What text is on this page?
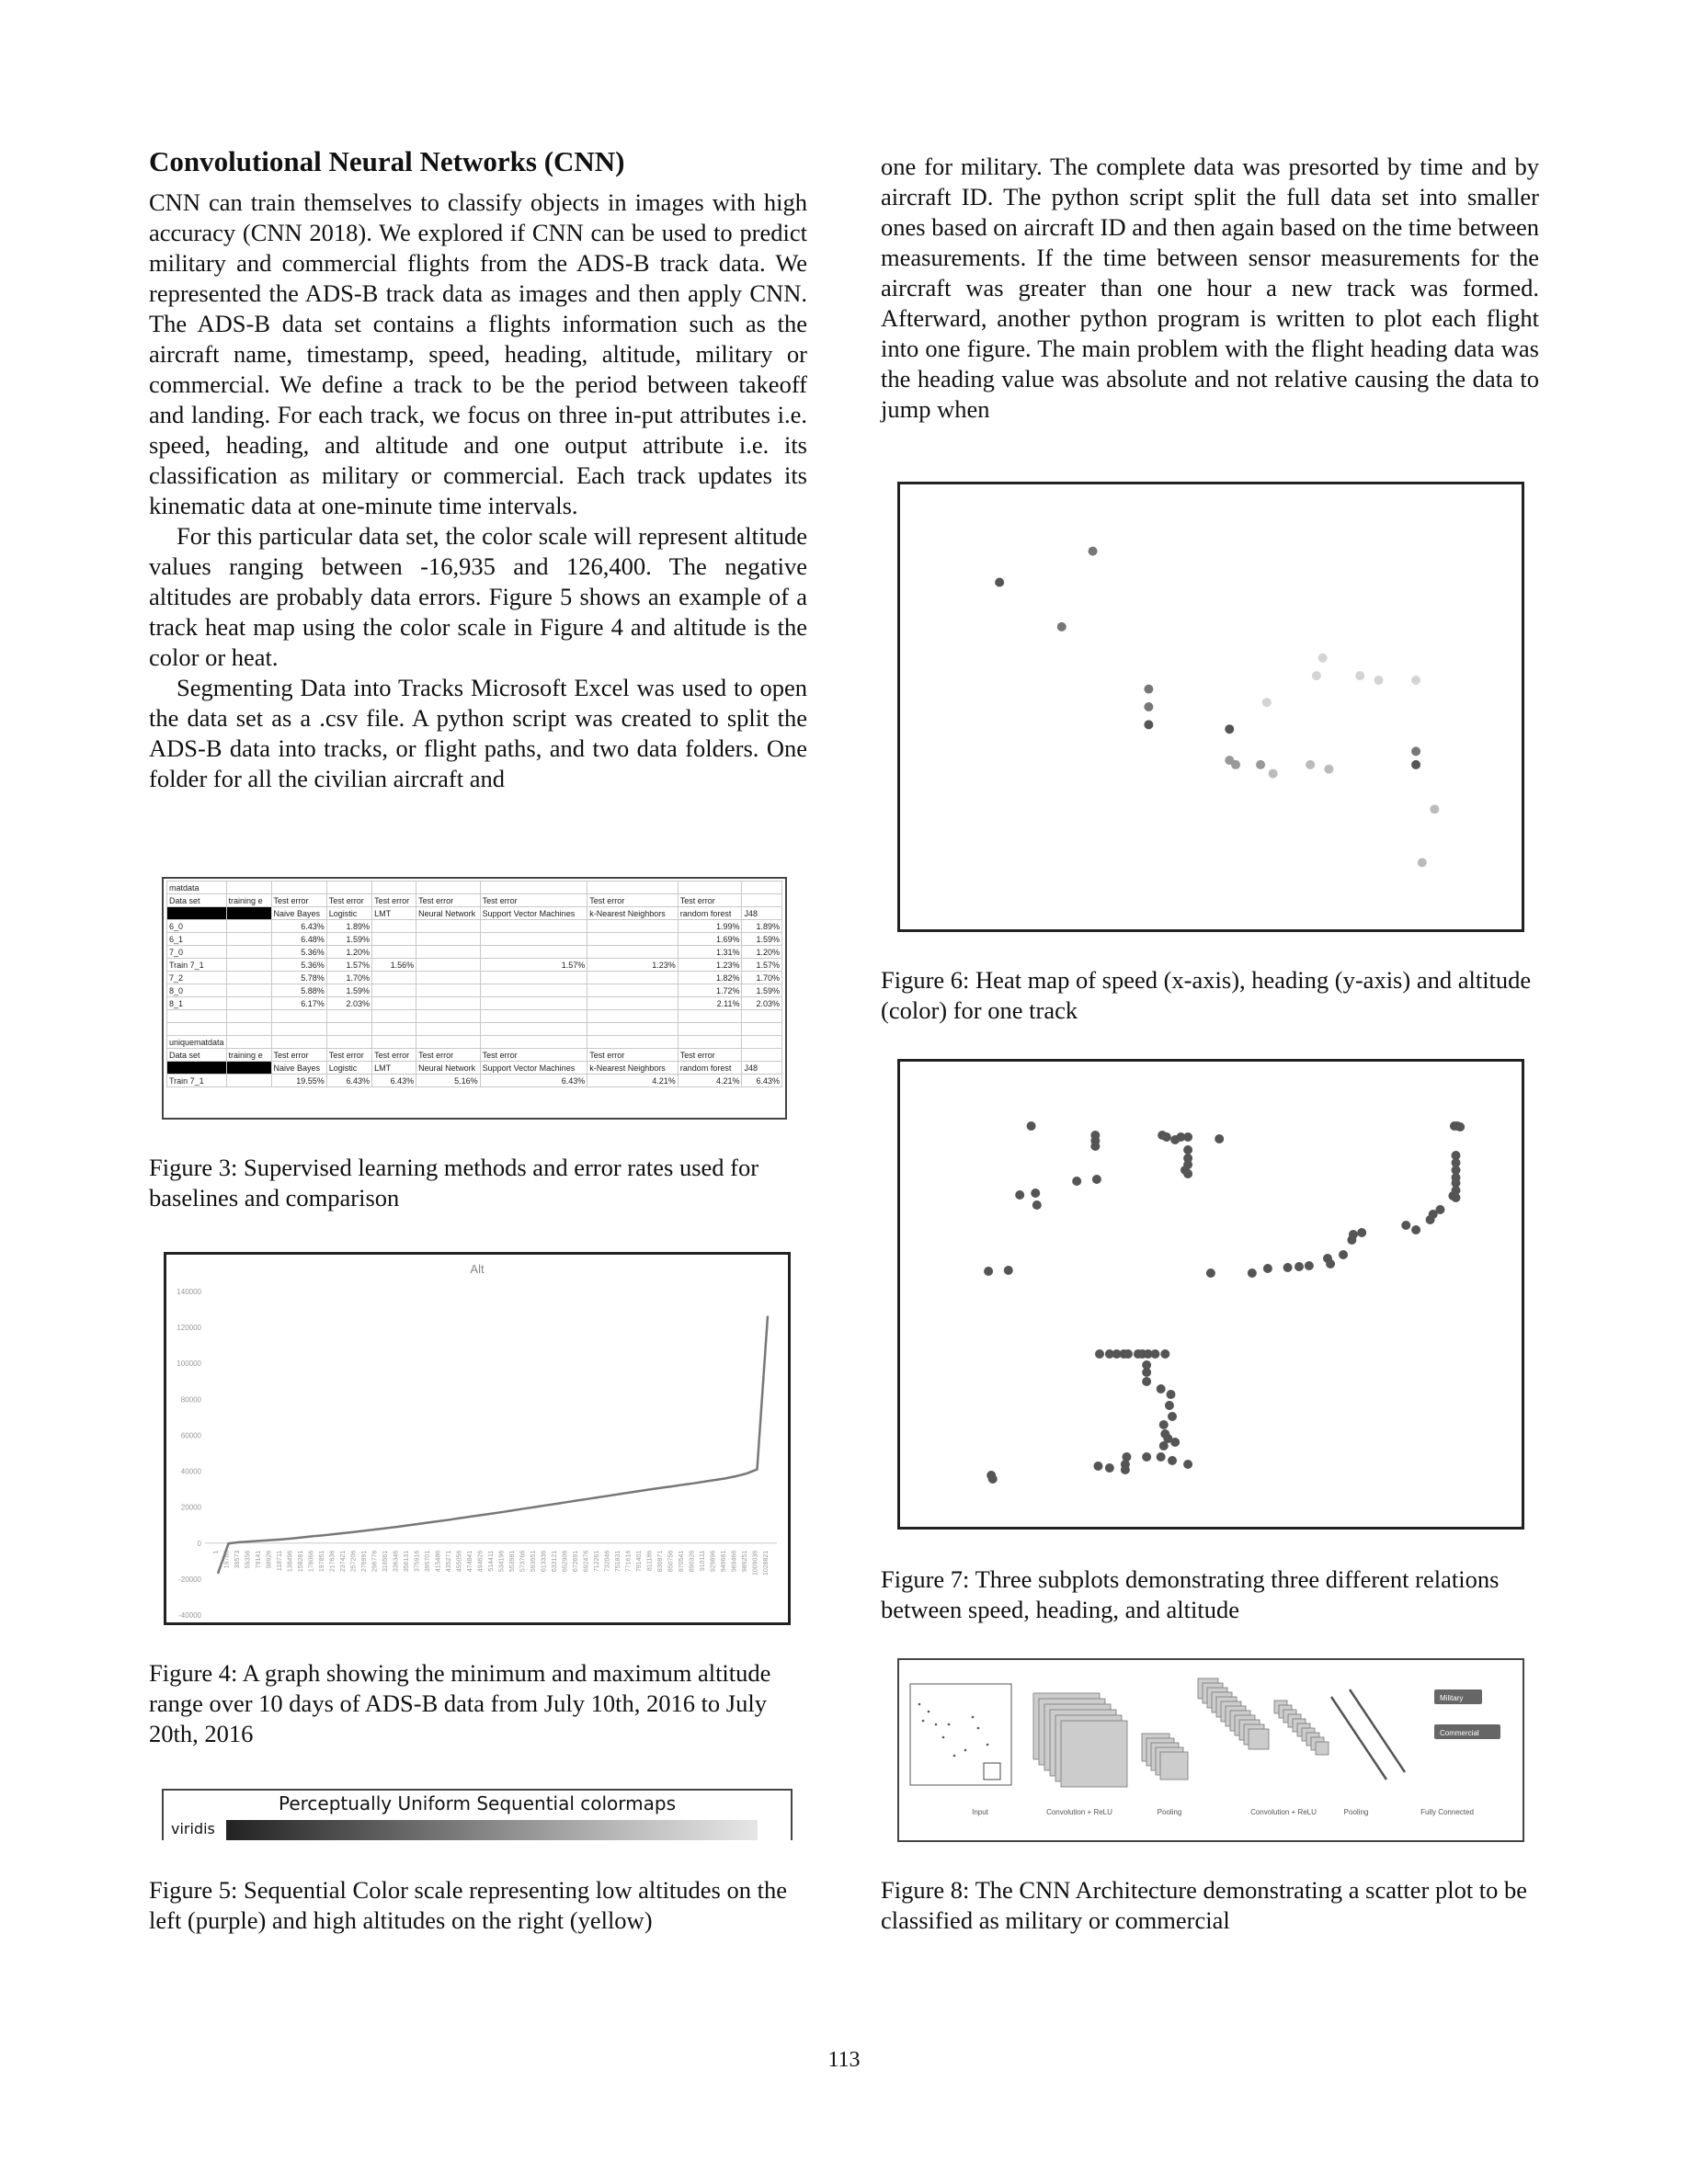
Convolutional Neural Networks (CNN)

CNN can train themselves to classify objects in images with high accuracy (CNN 2018). We explored if CNN can be used to predict military and commercial flights from the ADS-B track data. We represented the ADS-B track data as images and then apply CNN. The ADS-B data set contains a flights information such as the aircraft name, timestamp, speed, heading, altitude, military or commercial. We define a track to be the period between takeoff and landing. For each track, we focus on three in-put attributes i.e. speed, heading, and altitude and one output attribute i.e. its classification as military or commercial. Each track updates its kinematic data at one-minute time intervals.

For this particular data set, the color scale will represent altitude values ranging between -16,935 and 126,400. The negative altitudes are probably data errors. Figure 5 shows an example of a track heat map using the color scale in Figure 4 and altitude is the color or heat.

Segmenting Data into Tracks Microsoft Excel was used to open the data set as a .csv file. A python script was created to split the ADS-B data into tracks, or flight paths, and two data folders. One folder for all the civilian aircraft and

one for military. The complete data was presorted by time and by aircraft ID. The python script split the full data set into smaller ones based on aircraft ID and then again based on the time between measurements. If the time between sensor measurements for the aircraft was greater than one hour a new track was formed. Afterward, another python program is written to plot each flight into one figure. The main problem with the flight heading data was the heading value was absolute and not relative causing the data to jump when

matdata									
Data set	training e	Test error	Test error	Test error	Test error	Test error	Test error	Test error	
		Naive Bayes	Logistic	LMT	Neural Network	Support Vector Machines	k-Nearest Neighbors	random forest	J48
6_0		6.43%	1.89%					1.99%	1.89%
6_1		6.48%	1.59%					1.69%	1.59%
7_0		5.36%	1.20%					1.31%	1.20%
Train 7_1		5.36%	1.57%	1.56%		1.57%	1.23%	1.23%	1.57%
7_2		5.78%	1.70%					1.82%	1.70%
8_0		5.88%	1.59%					1.72%	1.59%
8_1		6.17%	2.03%					2.11%	2.03%

uniquematdata									
Data set	training e	Test error	Test error	Test error	Test error	Test error	Test error	Test error	
		Naive Bayes	Logistic	LMT	Neural Network	Support Vector Machines	k-Nearest Neighbors	random forest	J48
Train 7_1		19.55%	6.43%	6.43%	5.16%	6.43%	4.21%	4.21%	6.43%
Figure 3: Supervised learning methods and error rates used for baselines and comparison
Alt
140000
120000
100000
80000
60000
40000
20000
0
-20000
-40000
1 19786 39573 59356 79141 98926 118711 138496 158281 178066 197851 217636 237421 257206 276991 296776 316561 336346 356131 375916 395701 415486 435271 455056 474841 494626 514411 534196 553981 573766 593551 613336 633121 652906 672691 692476 712261 732046 751831 771616 791401 811186 830971 850756 870541 890326 910111 929896 949681 969466 989251 1009036 1028821
Figure 4: A graph showing the minimum and maximum altitude range over 10 days of ADS-B data from July 10th, 2016 to July 20th, 2016
Perceptually Uniform Sequential colormaps
viridis
Figure 5: Sequential Color scale representing low altitudes on the left (purple) and high altitudes on the right (yellow)
Figure 6: Heat map of speed (x-axis), heading (y-axis) and altitude (color) for one track
Figure 7: Three subplots demonstrating three different relations between speed, heading, and altitude
Military
Commercial
Input	Convolution + ReLU	Pooling	Convolution + ReLU	Pooling	Fully Connected
Figure 8: The CNN Architecture demonstrating a scatter plot to be classified as military or commercial
113
